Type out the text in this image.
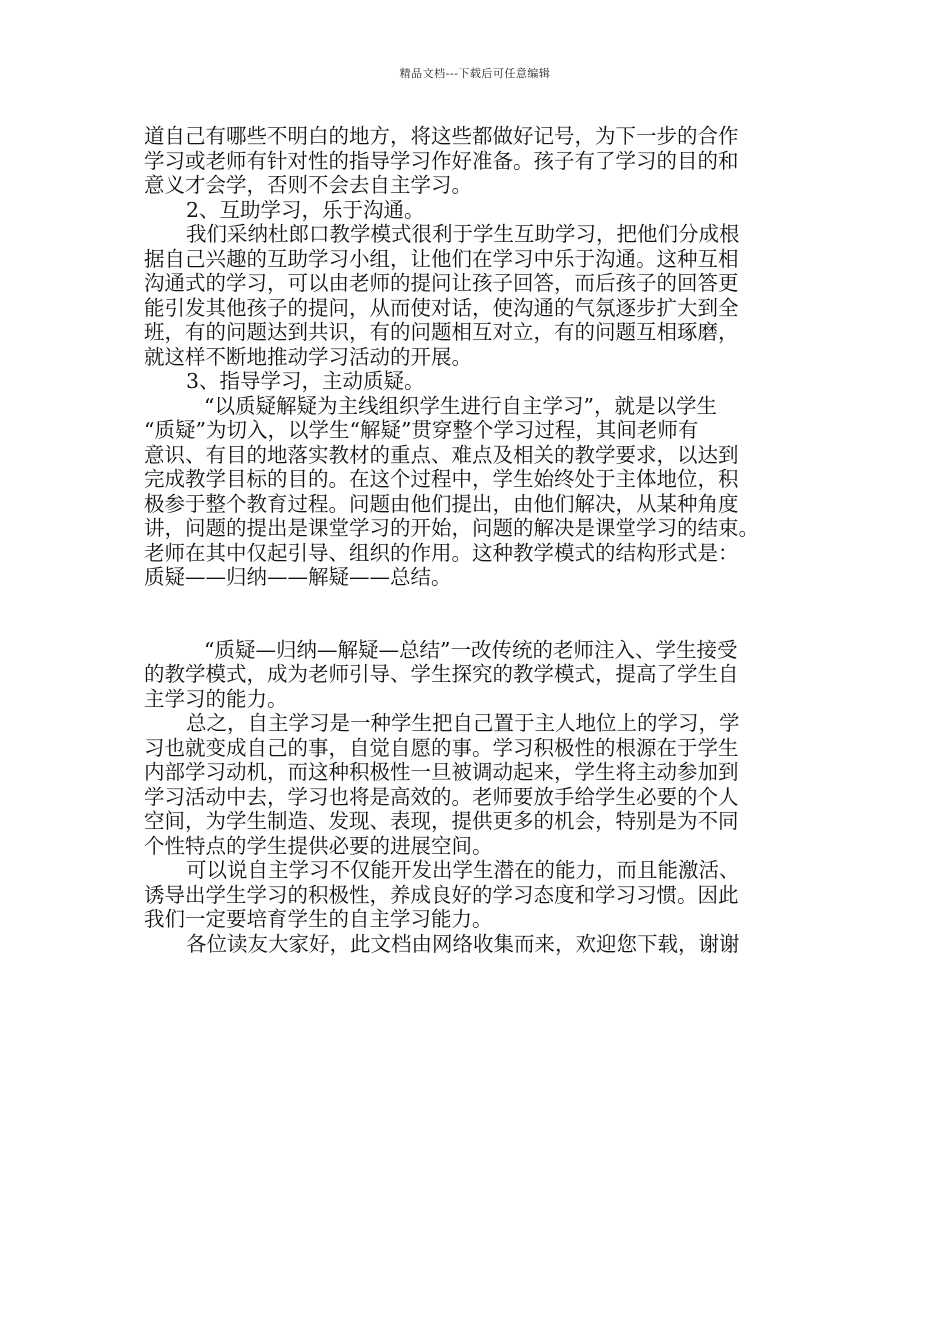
精品文档---下载后可任意编辑
道自己有哪些不明白的地方，将这些都做好记号，为下一步的合作
学习或老师有针对性的指导学习作好准备。孩子有了学习的目的和
意义才会学，否则不会去自主学习。
2、互助学习，乐于沟通。
我们采纳杜郎口教学模式很利于学生互助学习，把他们分成根
据自己兴趣的互助学习小组，让他们在学习中乐于沟通。这种互相
沟通式的学习，可以由老师的提问让孩子回答，而后孩子的回答更
能引发其他孩子的提问，从而使对话，使沟通的气氛逐步扩大到全
班，有的问题达到共识，有的问题相互对立，有的问题互相琢磨，
就这样不断地推动学习活动的开展。
3、指导学习，主动质疑。
“以质疑解疑为主线组织学生进行自主学习”，就是以学生
“质疑”为切入，以学生“解疑”贯穿整个学习过程，其间老师有
意识、有目的地落实教材的重点、难点及相关的教学要求，以达到
完成教学目标的目的。在这个过程中，学生始终处于主体地位，积
极参于整个教育过程。问题由他们提出，由他们解决，从某种角度
讲，问题的提出是课堂学习的开始，问题的解决是课堂学习的结束。
老师在其中仅起引导、组织的作用。这种教学模式的结构形式是：
质疑——归纳——解疑——总结。
“质疑—归纳—解疑—总结”一改传统的老师注入、学生接受
的教学模式，成为老师引导、学生探究的教学模式，提高了学生自
主学习的能力。
总之，自主学习是一种学生把自己置于主人地位上的学习，学
习也就变成自己的事，自觉自愿的事。学习积极性的根源在于学生
内部学习动机，而这种积极性一旦被调动起来，学生将主动参加到
学习活动中去，学习也将是高效的。老师要放手给学生必要的个人
空间，为学生制造、发现、表现，提供更多的机会，特别是为不同
个性特点的学生提供必要的进展空间。
可以说自主学习不仅能开发出学生潜在的能力，而且能激活、
诱导出学生学习的积极性，养成良好的学习态度和学习习惯。因此
我们一定要培育学生的自主学习能力。
各位读友大家好，此文档由网络收集而来，欢迎您下载，谢谢
